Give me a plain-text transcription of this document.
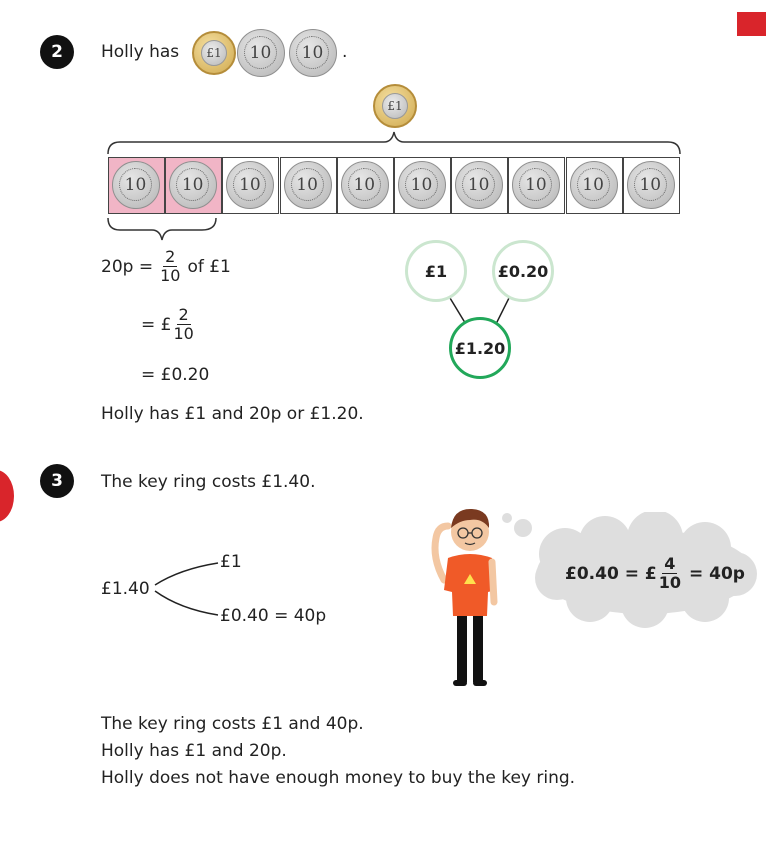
2	Holly has	£1	10	10	.
£1
10	10	10	10	10	10	10	10	10	10
$20p = \frac{2}{10}$ of £1
= £ $\frac{2}{10}$
= £0.20
£1	£0.20
£1.20
Holly has £1 and 20p or £1.20.
3	The key ring costs £1.40.
£1.40
£1
£0.40 = 40p
£0.40 = £ $\frac{4}{10} = 40p$
The key ring costs £1 and 40p.
Holly has £1 and 20p.
Holly does not have enough money to buy the key ring.
